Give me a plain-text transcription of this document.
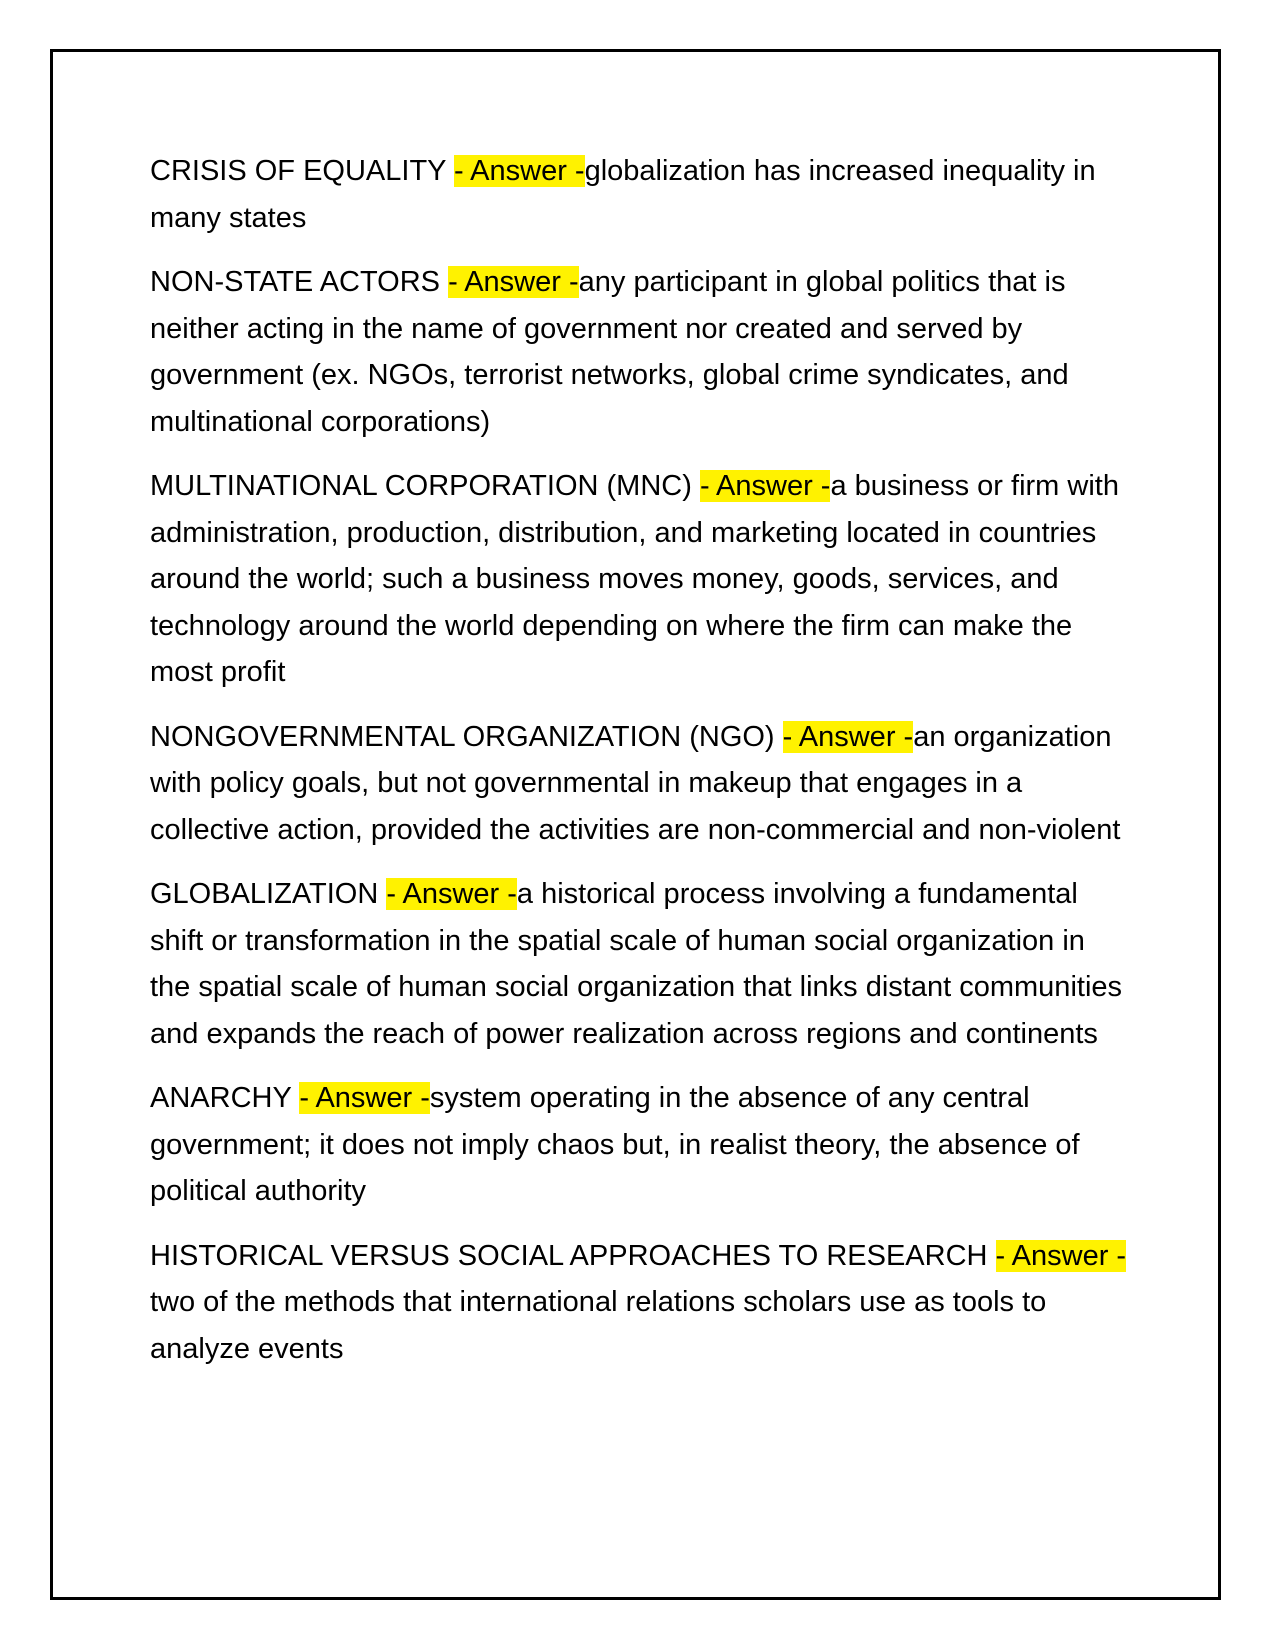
CRISIS OF EQUALITY - Answer -globalization has increased inequality in many states

NON-STATE ACTORS - Answer -any participant in global politics that is neither acting in the name of government nor created and served by government (ex. NGOs, terrorist networks, global crime syndicates, and multinational corporations)

MULTINATIONAL CORPORATION (MNC) - Answer -a business or firm with administration, production, distribution, and marketing located in countries around the world; such a business moves money, goods, services, and technology around the world depending on where the firm can make the most profit

NONGOVERNMENTAL ORGANIZATION (NGO) - Answer -an organization with policy goals, but not governmental in makeup that engages in a collective action, provided the activities are non-commercial and non-violent

GLOBALIZATION - Answer -a historical process involving a fundamental shift or transformation in the spatial scale of human social organization in the spatial scale of human social organization that links distant communities and expands the reach of power realization across regions and continents

ANARCHY - Answer -system operating in the absence of any central government; it does not imply chaos but, in realist theory, the absence of political authority

HISTORICAL VERSUS SOCIAL APPROACHES TO RESEARCH - Answer -two of the methods that international relations scholars use as tools to analyze events
